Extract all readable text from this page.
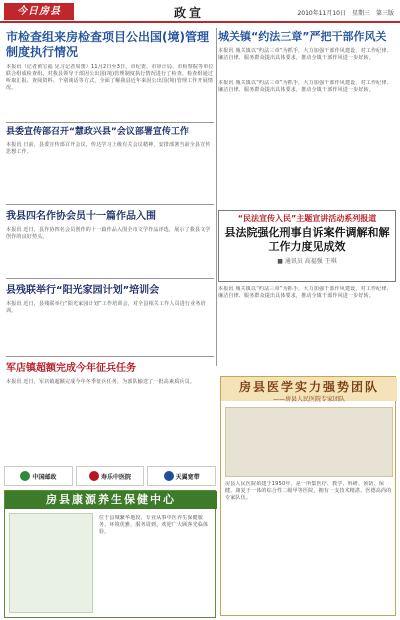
今日房县	政宣	2010年11月10日　星期三　第三版
市检查组来房检查项目公出国(境)管理制度执行情况
本报讯（记者黄宝福 见习记者周蕾）11月2日至3日，市纪委、市审计局、市检察院等单位联合组成检查组，对我县领导干部因公出国(境)管理制度执行情况进行了检查。检查组通过听取汇报、查阅资料、个别谈话等方式，全面了解我县近年来因公出国(境)管理工作开展情况。
城关镇“约法三章”严把干部作风关
本报讯 城关镇以“约法三章”为抓手，大力加强干部作风建设，对工作纪律、廉洁自律、服务群众提出具体要求，推动全镇干部作风进一步好转。
本报讯 城关镇以“约法三章”为抓手，大力加强干部作风建设，对工作纪律、廉洁自律、服务群众提出具体要求，推动全镇干部作风进一步好转。
县委宣传部召开“慧政兴县”会议部署宣传工作
本报讯 日前，县委宣传部召开会议，传达学习上级有关会议精神，安排部署当前全县宣传思想工作。
我县四名作协会员十一篇作品入围
本报讯 近日，县作协四名会员创作的十一篇作品入围全市文学作品评选，展示了我县文学创作的良好势头。
县残联举行“阳光家园计划”培训会
本报讯 近日，县残联举行“阳光家园计划”工作培训会，对全县相关工作人员进行业务培训。
军店镇超额完成今年征兵任务
本报讯 近日，军店镇超额完成今年冬季征兵任务，为部队输送了一批高素质兵员。
“民法宣传入民”主题宣讲活动系列报道
县法院强化刑事自诉案件调解和解工作力度见成效
■ 通讯员 高福强 王琪
本报讯 城关镇以“约法三章”为抓手，大力加强干部作风建设，对工作纪律、廉洁自律、服务群众提出具体要求，推动全镇干部作风进一步好转。
中国邮政	寿乐中医院	天翼宽带
房县康源养生保健中心
位于县城繁华地段，专业从事中医养生保健服务，环境优雅，服务周到，欢迎广大顾客光临体验。
房县医学实力强势团队
——房县人民医院专家团队
房县人民医院始建于1950年，是一所集医疗、教学、科研、预防、保健、康复于一体的综合性二级甲等医院，拥有一支技术精湛、医德高尚的专家队伍。
